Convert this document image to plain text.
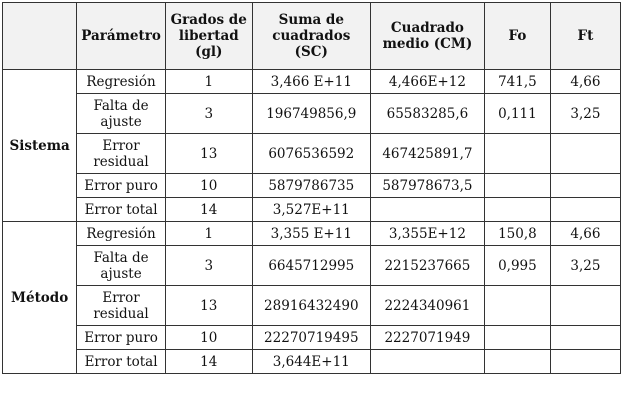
	Parámetro	Grados de libertad (gl)	Suma de cuadrados (SC)	Cuadrado medio (CM)	Fo	Ft
Sistema	Regresión	1	3,466 E+11	4,466E+12	741,5	4,66
	Falta de ajuste	3	196749856,9	65583285,6	0,111	3,25
	Error residual	13	6076536592	467425891,7		
	Error puro	10	5879786735	587978673,5		
	Error total	14	3,527E+11			
Método	Regresión	1	3,355 E+11	3,355E+12	150,8	4,66
	Falta de ajuste	3	6645712995	2215237665	0,995	3,25
	Error residual	13	28916432490	2224340961		
	Error puro	10	22270719495	2227071949		
	Error total	14	3,644E+11			
